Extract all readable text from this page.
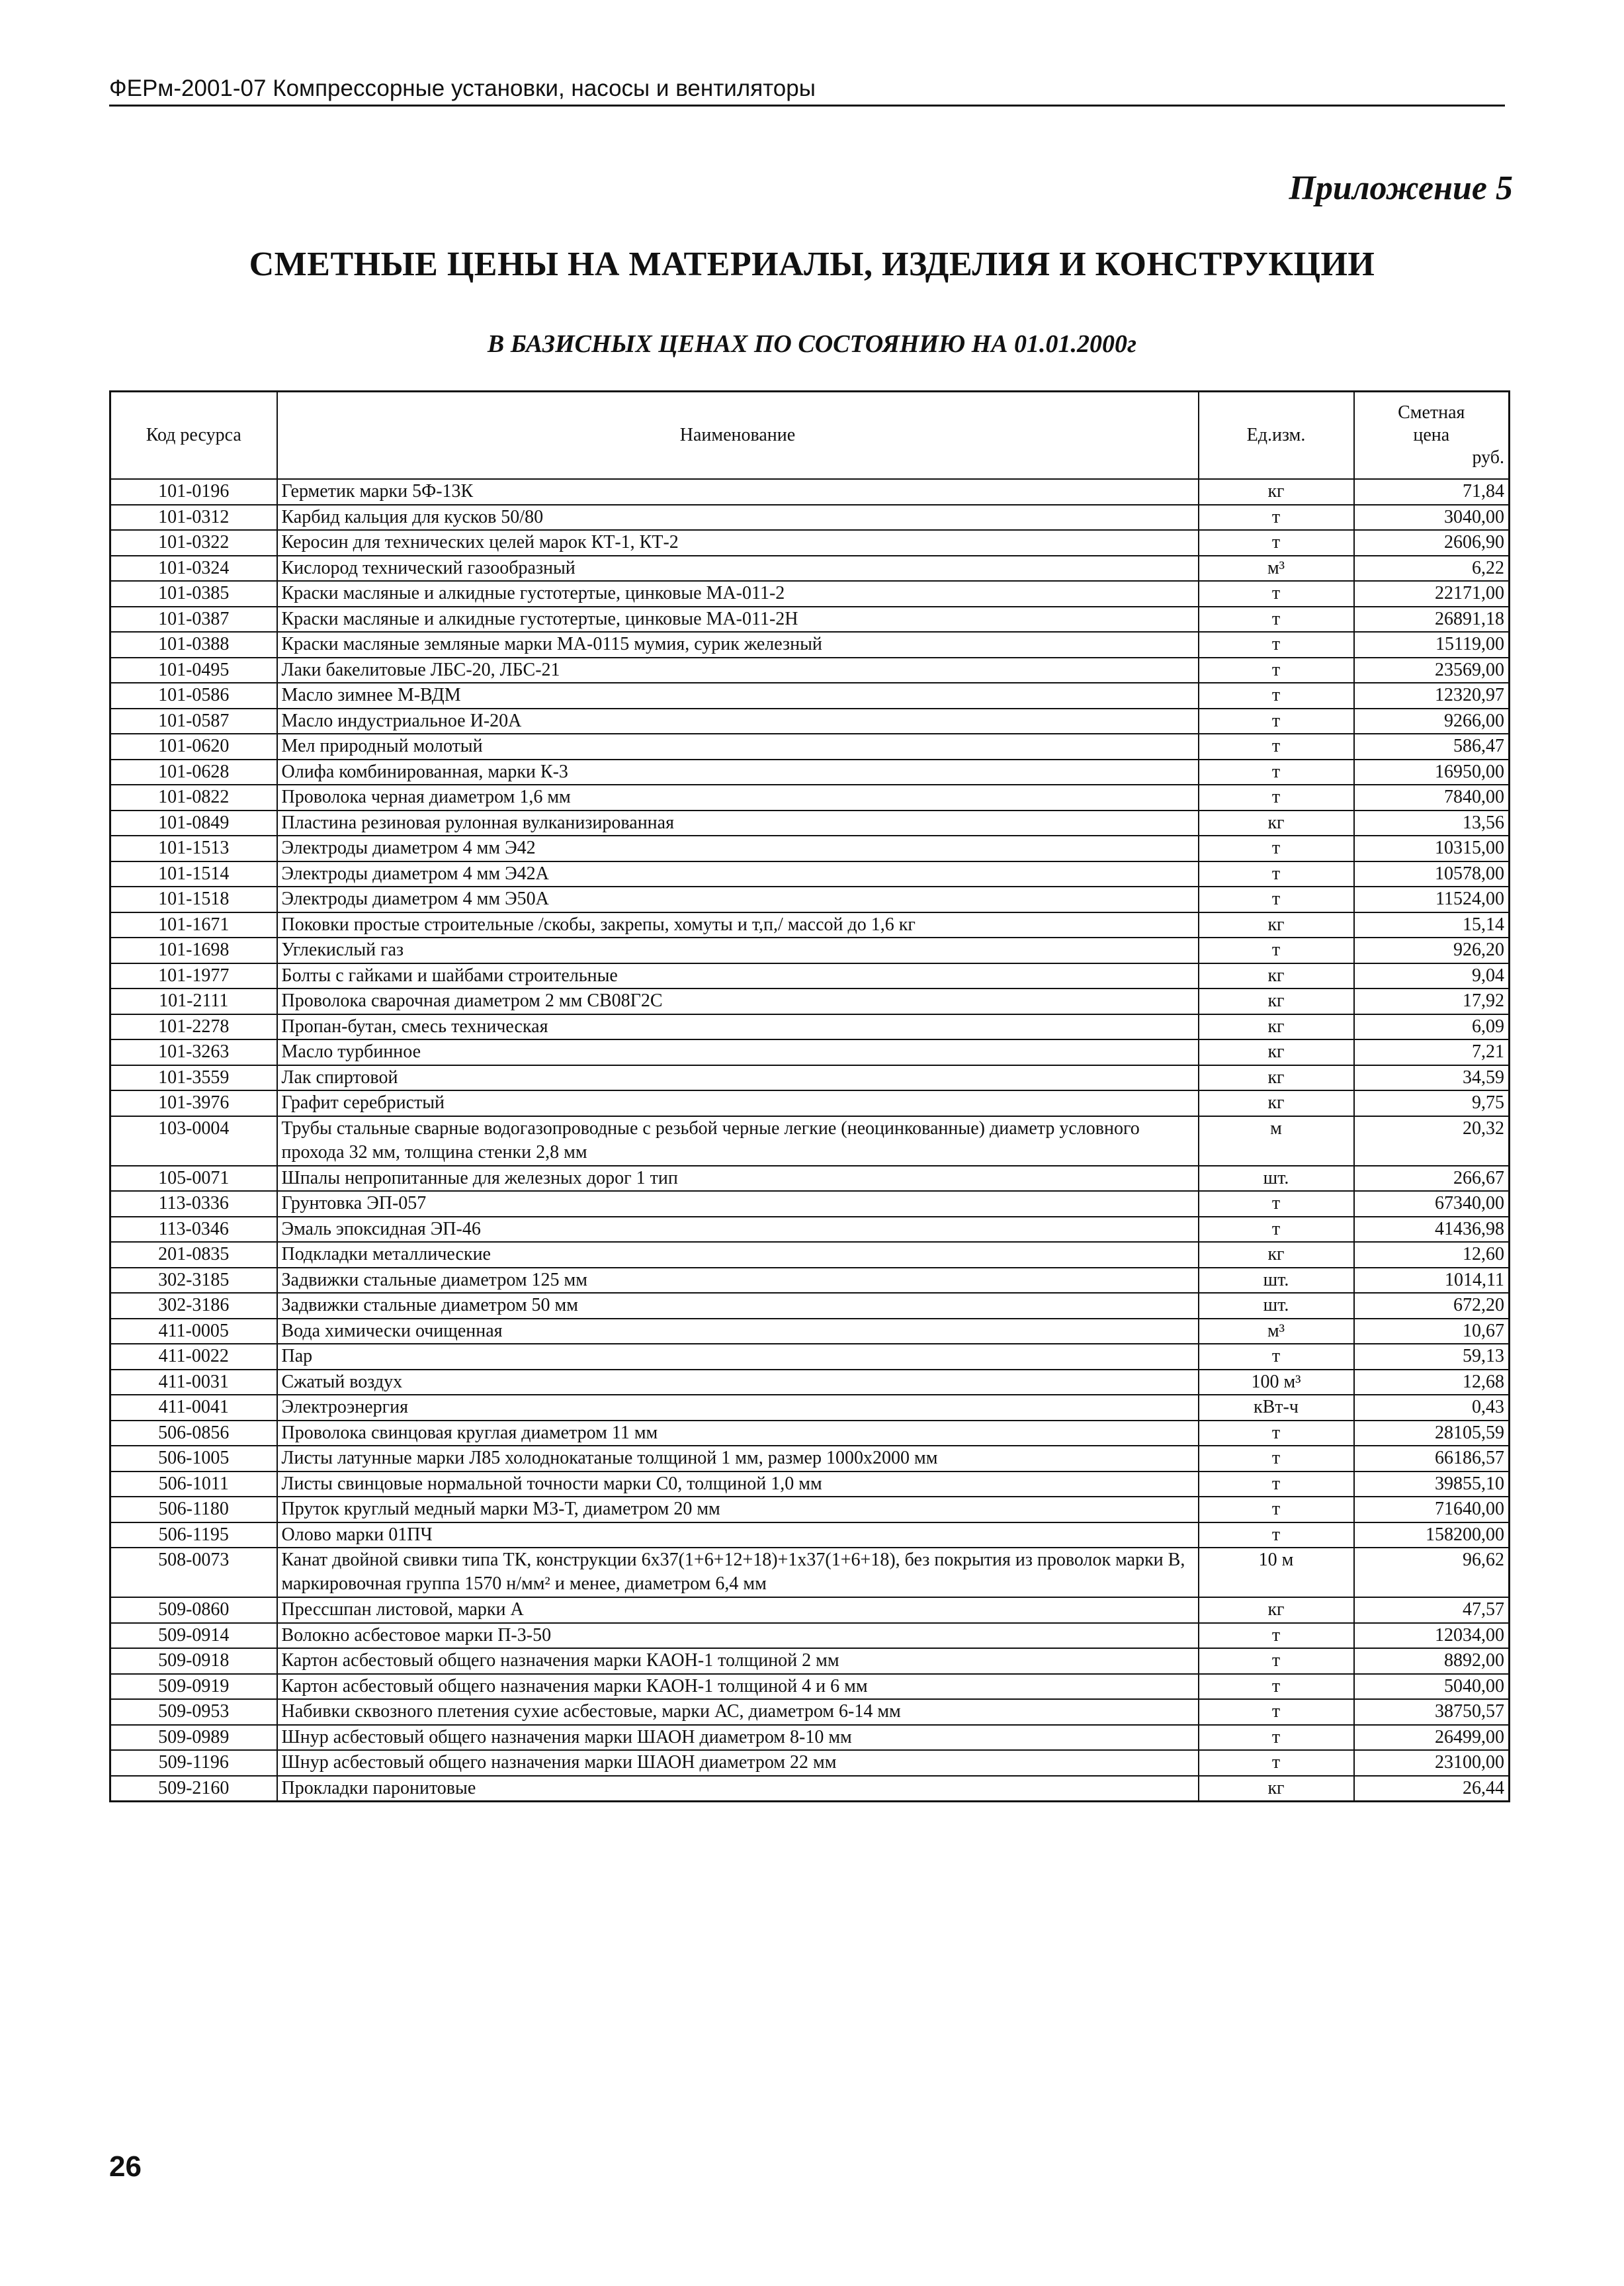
ФЕРм-2001-07 Компрессорные установки, насосы и вентиляторы
Приложение 5
СМЕТНЫЕ ЦЕНЫ НА МАТЕРИАЛЫ, ИЗДЕЛИЯ И КОНСТРУКЦИИ
В БАЗИСНЫХ ЦЕНАХ ПО СОСТОЯНИЮ НА 01.01.2000г
Код ресурса	Наименование	Ед.изм.	Сметная
цена
руб.

101-0196	Герметик марки 5Ф-13К	кг	71,84
101-0312	Карбид кальция для кусков 50/80	т	3040,00
101-0322	Керосин для технических целей марок КТ-1, КТ-2	т	2606,90
101-0324	Кислород технический газообразный	м³	6,22
101-0385	Краски масляные и алкидные густотертые, цинковые МА-011-2	т	22171,00
101-0387	Краски масляные и алкидные густотертые, цинковые МА-011-2Н	т	26891,18
101-0388	Краски масляные земляные марки МА-0115 мумия, сурик железный	т	15119,00
101-0495	Лаки бакелитовые ЛБС-20, ЛБС-21	т	23569,00
101-0586	Масло зимнее М-ВДМ	т	12320,97
101-0587	Масло индустриальное И-20А	т	9266,00
101-0620	Мел природный молотый	т	586,47
101-0628	Олифа комбинированная, марки К-3	т	16950,00
101-0822	Проволока черная диаметром 1,6 мм	т	7840,00
101-0849	Пластина резиновая рулонная вулканизированная	кг	13,56
101-1513	Электроды диаметром 4 мм Э42	т	10315,00
101-1514	Электроды диаметром 4 мм Э42А	т	10578,00
101-1518	Электроды диаметром 4 мм Э50А	т	11524,00
101-1671	Поковки простые строительные /скобы, закрепы, хомуты и т,п,/ массой до 1,6 кг	кг	15,14
101-1698	Углекислый газ	т	926,20
101-1977	Болты с гайками и шайбами строительные	кг	9,04
101-2111	Проволока сварочная диаметром 2 мм СВ08Г2С	кг	17,92
101-2278	Пропан-бутан, смесь техническая	кг	6,09
101-3263	Масло турбинное	кг	7,21
101-3559	Лак спиртовой	кг	34,59
101-3976	Графит серебристый	кг	9,75
103-0004	Трубы стальные сварные водогазопроводные с резьбой черные легкие (неоцинкованные) диаметр условного прохода 32 мм, толщина стенки 2,8 мм	м	20,32
105-0071	Шпалы непропитанные для железных дорог 1 тип	шт.	266,67
113-0336	Грунтовка ЭП-057	т	67340,00
113-0346	Эмаль эпоксидная ЭП-46	т	41436,98
201-0835	Подкладки металлические	кг	12,60
302-3185	Задвижки стальные диаметром 125 мм	шт.	1014,11
302-3186	Задвижки стальные диаметром 50 мм	шт.	672,20
411-0005	Вода химически очищенная	м³	10,67
411-0022	Пар	т	59,13
411-0031	Сжатый воздух	100 м³	12,68
411-0041	Электроэнергия	кВт-ч	0,43
506-0856	Проволока свинцовая круглая диаметром 11 мм	т	28105,59
506-1005	Листы латунные марки Л85 холоднокатаные толщиной 1 мм, размер 1000х2000 мм	т	66186,57
506-1011	Листы свинцовые нормальной точности марки С0, толщиной 1,0 мм	т	39855,10
506-1180	Пруток круглый медный марки М3-Т, диаметром 20 мм	т	71640,00
506-1195	Олово марки 01ПЧ	т	158200,00
508-0073	Канат двойной свивки типа ТК, конструкции 6х37(1+6+12+18)+1х37(1+6+18), без покрытия из проволок марки В, маркировочная группа 1570 н/мм² и менее, диаметром 6,4 мм	10 м	96,62
509-0860	Прессшпан листовой, марки А	кг	47,57
509-0914	Волокно асбестовое марки П-3-50	т	12034,00
509-0918	Картон асбестовый общего назначения марки КАОН-1 толщиной 2 мм	т	8892,00
509-0919	Картон асбестовый общего назначения марки КАОН-1 толщиной 4 и 6 мм	т	5040,00
509-0953	Набивки сквозного плетения сухие асбестовые, марки АС, диаметром 6-14 мм	т	38750,57
509-0989	Шнур асбестовый общего назначения марки ШАОН диаметром 8-10 мм	т	26499,00
509-1196	Шнур асбестовый общего назначения марки ШАОН диаметром 22 мм	т	23100,00
509-2160	Прокладки паронитовые	кг	26,44
26
